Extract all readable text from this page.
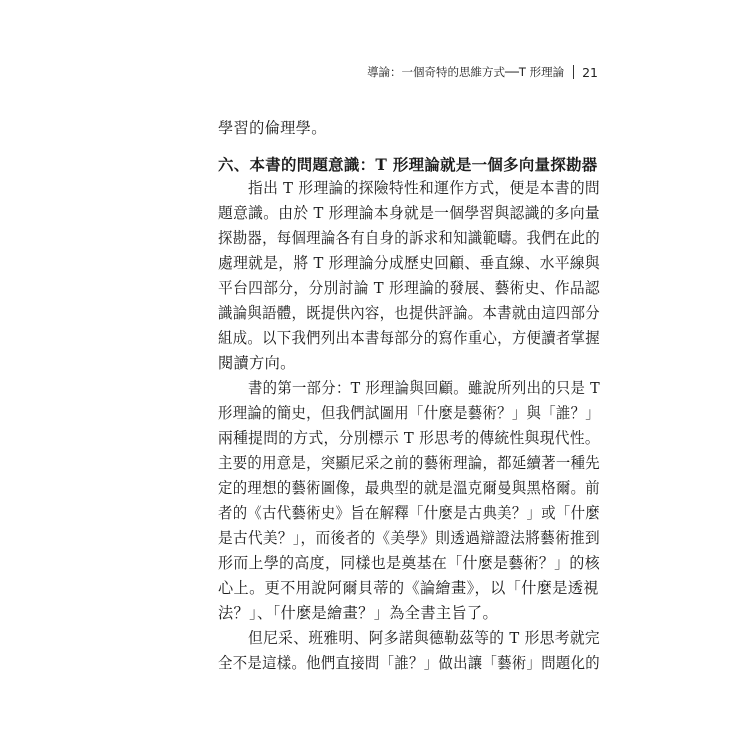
導論：一個奇特的思維方式──T 形理論 21
學習的倫理學。
六、本書的問題意識：T 形理論就是一個多向量探勘器
指出 T 形理論的探險特性和運作方式，便是本書的問
題意識。由於 T 形理論本身就是一個學習與認識的多向量
探勘器，每個理論各有自身的訴求和知識範疇。我們在此的
處理就是，將 T 形理論分成歷史回顧、垂直線、水平線與
平台四部分，分別討論 T 形理論的發展、藝術史、作品認
識論與語體，既提供內容，也提供評論。本書就由這四部分
組成。以下我們列出本書每部分的寫作重心，方便讀者掌握
閱讀方向。
書的第一部分：T 形理論與回顧。雖說所列出的只是 T
形理論的簡史，但我們試圖用「什麼是藝術？」與「誰？」
兩種提問的方式，分別標示 T 形思考的傳統性與現代性。
主要的用意是，突顯尼采之前的藝術理論，都延續著一種先
定的理想的藝術圖像，最典型的就是溫克爾曼與黑格爾。前
者的《古代藝術史》旨在解釋「什麼是古典美？」或「什麼
是古代美？」，而後者的《美學》則透過辯證法將藝術推到
形而上學的高度，同樣也是奠基在「什麼是藝術？」的核
心上。更不用說阿爾貝蒂的《論繪畫》，以「什麼是透視
法？」、「什麼是繪畫？」為全書主旨了。
但尼采、班雅明、阿多諾與德勒茲等的 T 形思考就完
全不是這樣。他們直接問「誰？」做出讓「藝術」問題化的
